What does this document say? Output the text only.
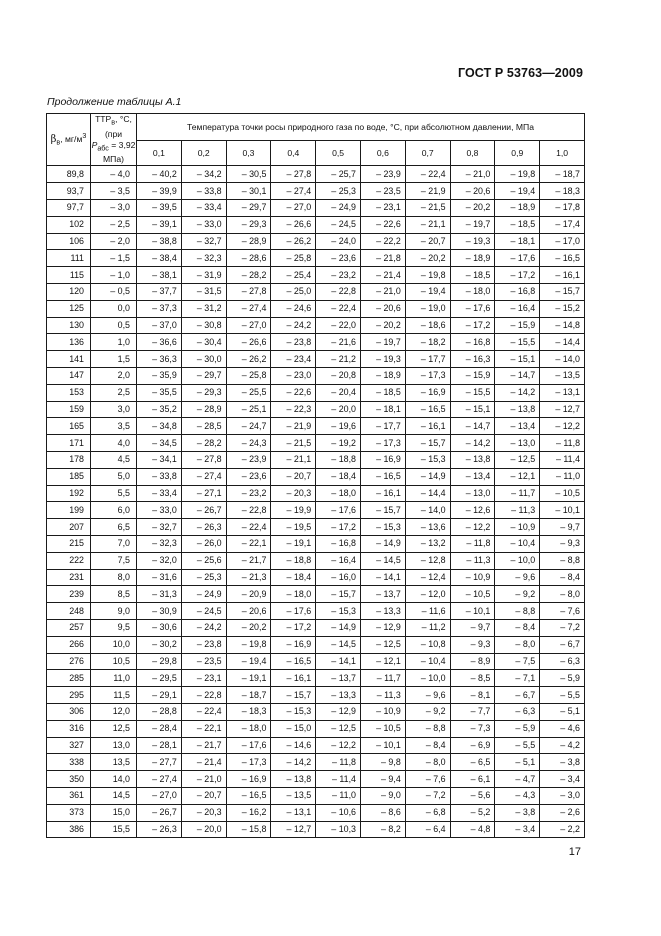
ГОСТ Р 53763—2009
Продолжение таблицы А.1
$\beta_в$, $мг/м^3$	$ТТР_в$, °С,
(при
$P_{абс} = 3,92$ МПа)	Температура точки росы природного газа по воде, °С, при абсолютном давлении, МПа									
		0,1	0,2	0,3	0,4	0,5	0,6	0,7	0,8	0,9	1,0
89,8	– 4,0	– 40,2	– 34,2	– 30,5	– 27,8	– 25,7	– 23,9	– 22,4	– 21,0	– 19,8	– 18,7
93,7	– 3,5	– 39,9	– 33,8	– 30,1	– 27,4	– 25,3	– 23,5	– 21,9	– 20,6	– 19,4	– 18,3
97,7	– 3,0	– 39,5	– 33,4	– 29,7	– 27,0	– 24,9	– 23,1	– 21,5	– 20,2	– 18,9	– 17,8
102	– 2,5	– 39,1	– 33,0	– 29,3	– 26,6	– 24,5	– 22,6	– 21,1	– 19,7	– 18,5	– 17,4
106	– 2,0	– 38,8	– 32,7	– 28,9	– 26,2	– 24,0	– 22,2	– 20,7	– 19,3	– 18,1	– 17,0
111	– 1,5	– 38,4	– 32,3	– 28,6	– 25,8	– 23,6	– 21,8	– 20,2	– 18,9	– 17,6	– 16,5
115	– 1,0	– 38,1	– 31,9	– 28,2	– 25,4	– 23,2	– 21,4	– 19,8	– 18,5	– 17,2	– 16,1
120	– 0,5	– 37,7	– 31,5	– 27,8	– 25,0	– 22,8	– 21,0	– 19,4	– 18,0	– 16,8	– 15,7
125	0,0	– 37,3	– 31,2	– 27,4	– 24,6	– 22,4	– 20,6	– 19,0	– 17,6	– 16,4	– 15,2
130	0,5	– 37,0	– 30,8	– 27,0	– 24,2	– 22,0	– 20,2	– 18,6	– 17,2	– 15,9	– 14,8
136	1,0	– 36,6	– 30,4	– 26,6	– 23,8	– 21,6	– 19,7	– 18,2	– 16,8	– 15,5	– 14,4
141	1,5	– 36,3	– 30,0	– 26,2	– 23,4	– 21,2	– 19,3	– 17,7	– 16,3	– 15,1	– 14,0
147	2,0	– 35,9	– 29,7	– 25,8	– 23,0	– 20,8	– 18,9	– 17,3	– 15,9	– 14,7	– 13,5
153	2,5	– 35,5	– 29,3	– 25,5	– 22,6	– 20,4	– 18,5	– 16,9	– 15,5	– 14,2	– 13,1
159	3,0	– 35,2	– 28,9	– 25,1	– 22,3	– 20,0	– 18,1	– 16,5	– 15,1	– 13,8	– 12,7
165	3,5	– 34,8	– 28,5	– 24,7	– 21,9	– 19,6	– 17,7	– 16,1	– 14,7	– 13,4	– 12,2
171	4,0	– 34,5	– 28,2	– 24,3	– 21,5	– 19,2	– 17,3	– 15,7	– 14,2	– 13,0	– 11,8
178	4,5	– 34,1	– 27,8	– 23,9	– 21,1	– 18,8	– 16,9	– 15,3	– 13,8	– 12,5	– 11,4
185	5,0	– 33,8	– 27,4	– 23,6	– 20,7	– 18,4	– 16,5	– 14,9	– 13,4	– 12,1	– 11,0
192	5,5	– 33,4	– 27,1	– 23,2	– 20,3	– 18,0	– 16,1	– 14,4	– 13,0	– 11,7	– 10,5
199	6,0	– 33,0	– 26,7	– 22,8	– 19,9	– 17,6	– 15,7	– 14,0	– 12,6	– 11,3	– 10,1
207	6,5	– 32,7	– 26,3	– 22,4	– 19,5	– 17,2	– 15,3	– 13,6	– 12,2	– 10,9	– 9,7
215	7,0	– 32,3	– 26,0	– 22,1	– 19,1	– 16,8	– 14,9	– 13,2	– 11,8	– 10,4	– 9,3
222	7,5	– 32,0	– 25,6	– 21,7	– 18,8	– 16,4	– 14,5	– 12,8	– 11,3	– 10,0	– 8,8
231	8,0	– 31,6	– 25,3	– 21,3	– 18,4	– 16,0	– 14,1	– 12,4	– 10,9	– 9,6	– 8,4
239	8,5	– 31,3	– 24,9	– 20,9	– 18,0	– 15,7	– 13,7	– 12,0	– 10,5	– 9,2	– 8,0
248	9,0	– 30,9	– 24,5	– 20,6	– 17,6	– 15,3	– 13,3	– 11,6	– 10,1	– 8,8	– 7,6
257	9,5	– 30,6	– 24,2	– 20,2	– 17,2	– 14,9	– 12,9	– 11,2	– 9,7	– 8,4	– 7,2
266	10,0	– 30,2	– 23,8	– 19,8	– 16,9	– 14,5	– 12,5	– 10,8	– 9,3	– 8,0	– 6,7
276	10,5	– 29,8	– 23,5	– 19,4	– 16,5	– 14,1	– 12,1	– 10,4	– 8,9	– 7,5	– 6,3
285	11,0	– 29,5	– 23,1	– 19,1	– 16,1	– 13,7	– 11,7	– 10,0	– 8,5	– 7,1	– 5,9
295	11,5	– 29,1	– 22,8	– 18,7	– 15,7	– 13,3	– 11,3	– 9,6	– 8,1	– 6,7	– 5,5
306	12,0	– 28,8	– 22,4	– 18,3	– 15,3	– 12,9	– 10,9	– 9,2	– 7,7	– 6,3	– 5,1
316	12,5	– 28,4	– 22,1	– 18,0	– 15,0	– 12,5	– 10,5	– 8,8	– 7,3	– 5,9	– 4,6
327	13,0	– 28,1	– 21,7	– 17,6	– 14,6	– 12,2	– 10,1	– 8,4	– 6,9	– 5,5	– 4,2
338	13,5	– 27,7	– 21,4	– 17,3	– 14,2	– 11,8	– 9,8	– 8,0	– 6,5	– 5,1	– 3,8
350	14,0	– 27,4	– 21,0	– 16,9	– 13,8	– 11,4	– 9,4	– 7,6	– 6,1	– 4,7	– 3,4
361	14,5	– 27,0	– 20,7	– 16,5	– 13,5	– 11,0	– 9,0	– 7,2	– 5,6	– 4,3	– 3,0
373	15,0	– 26,7	– 20,3	– 16,2	– 13,1	– 10,6	– 8,6	– 6,8	– 5,2	– 3,8	– 2,6
386	15,5	– 26,3	– 20,0	– 15,8	– 12,7	– 10,3	– 8,2	– 6,4	– 4,8	– 3,4	– 2,2
17
